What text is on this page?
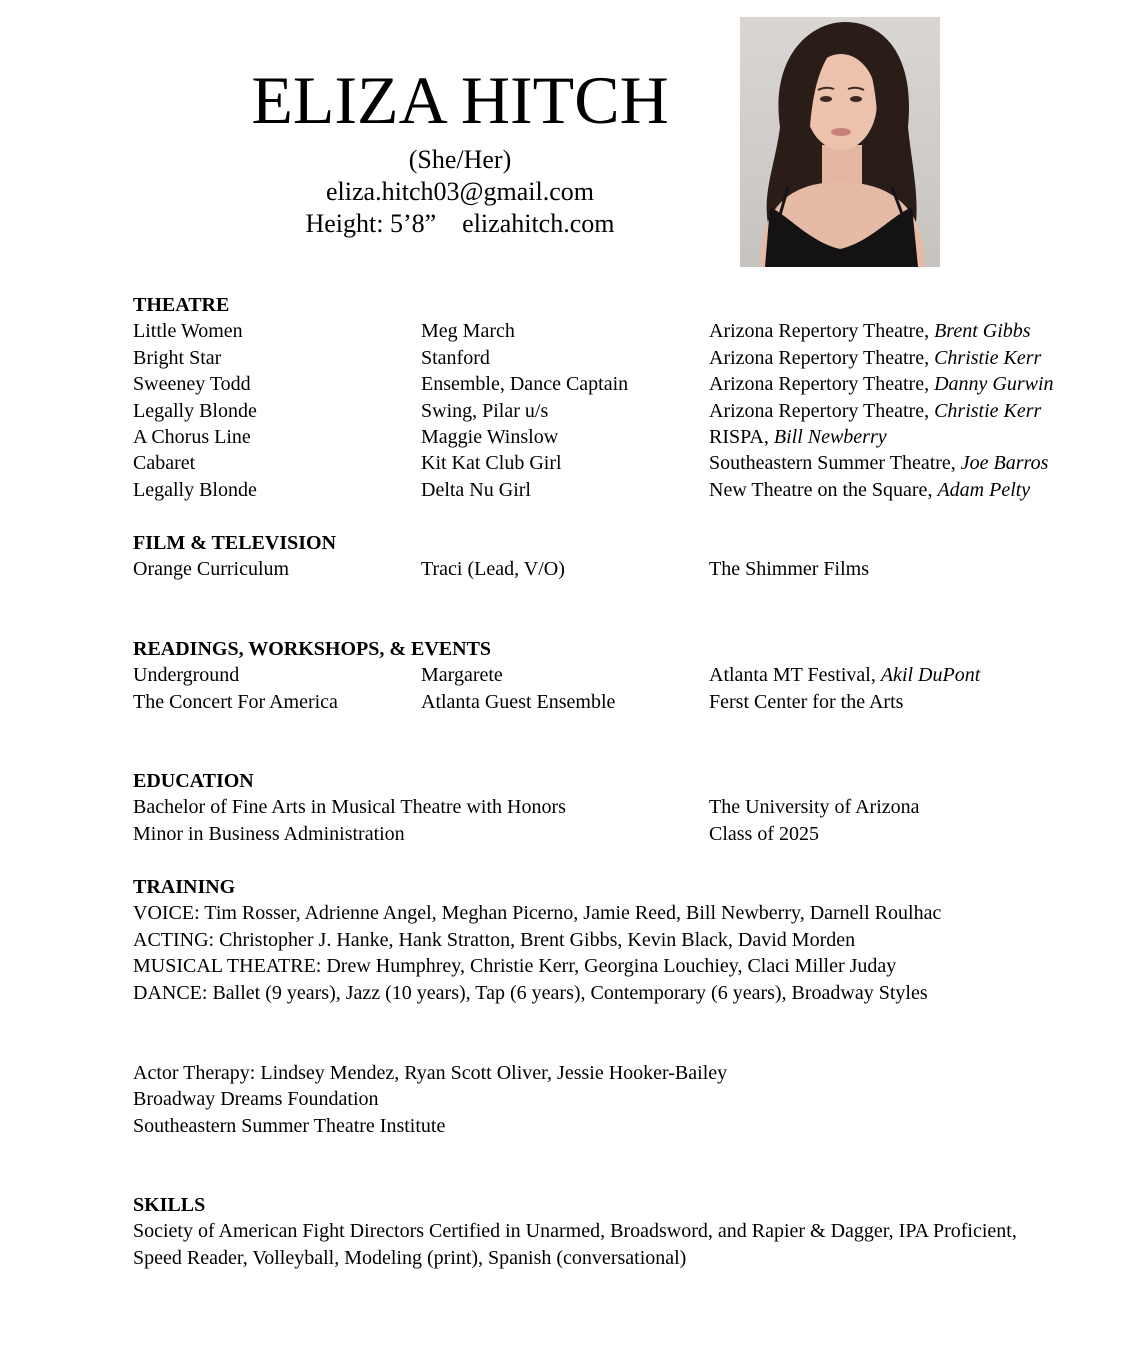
ELIZA HITCH
(She/Her)
eliza.hitch03@gmail.com
Height: 5’8” elizahitch.com
THEATRE
Little Women	Meg March	Arizona Repertory Theatre, Brent Gibbs
Bright Star	Stanford	Arizona Repertory Theatre, Christie Kerr
Sweeney Todd	Ensemble, Dance Captain	Arizona Repertory Theatre, Danny Gurwin
Legally Blonde	Swing, Pilar u/s	Arizona Repertory Theatre, Christie Kerr
A Chorus Line	Maggie Winslow	RISPA, Bill Newberry
Cabaret	Kit Kat Club Girl	Southeastern Summer Theatre, Joe Barros
Legally Blonde	Delta Nu Girl	New Theatre on the Square, Adam Pelty
FILM & TELEVISION
Orange Curriculum	Traci (Lead, V/O)	The Shimmer Films
READINGS, WORKSHOPS, & EVENTS
Underground	Margarete	Atlanta MT Festival, Akil DuPont
The Concert For America	Atlanta Guest Ensemble	Ferst Center for the Arts
EDUCATION
Bachelor of Fine Arts in Musical Theatre with Honors	The University of Arizona
Minor in Business Administration	Class of 2025
TRAINING
VOICE: Tim Rosser, Adrienne Angel, Meghan Picerno, Jamie Reed, Bill Newberry, Darnell Roulhac
ACTING: Christopher J. Hanke, Hank Stratton, Brent Gibbs, Kevin Black, David Morden
MUSICAL THEATRE: Drew Humphrey, Christie Kerr, Georgina Louchiey, Claci Miller Juday
DANCE: Ballet (9 years), Jazz (10 years), Tap (6 years), Contemporary (6 years), Broadway Styles
Actor Therapy: Lindsey Mendez, Ryan Scott Oliver, Jessie Hooker-Bailey
Broadway Dreams Foundation
Southeastern Summer Theatre Institute
SKILLS
Society of American Fight Directors Certified in Unarmed, Broadsword, and Rapier & Dagger, IPA Proficient,
Speed Reader, Volleyball, Modeling (print), Spanish (conversational)
